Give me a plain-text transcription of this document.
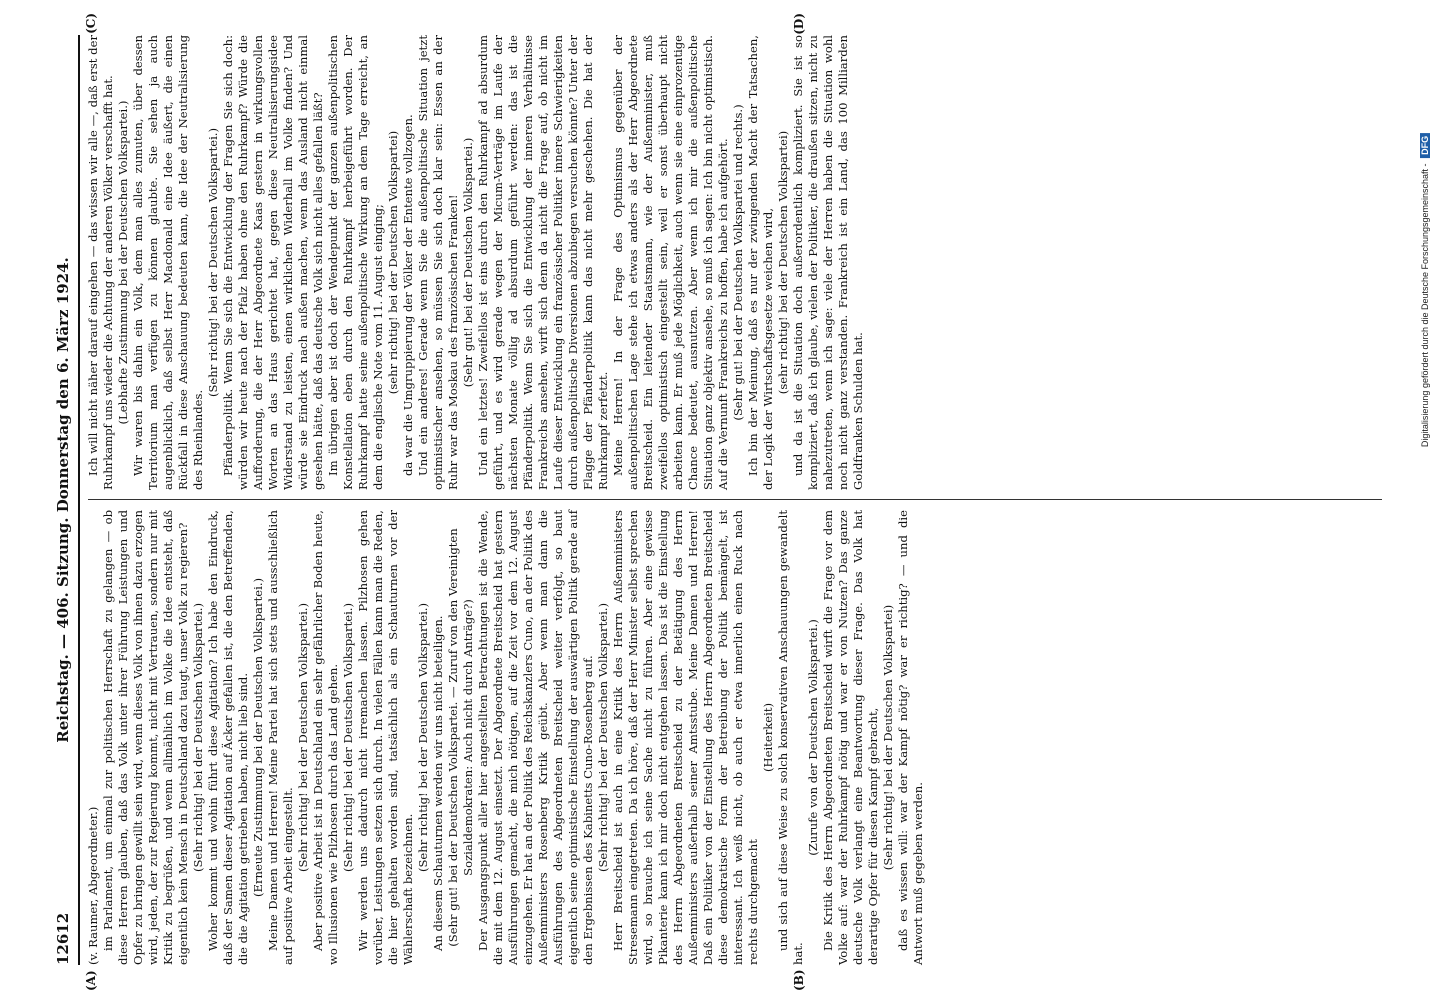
12612
Reichstag. — 406. Sitzung. Donnerstag den 6. März 1924.

(v. Raumer, Abgeordneter.) im Parlament, um einmal zur politischen Herrschaft zu gelangen — ob diese Herren glauben, daß das Volk unter ihrer Führung Leistungen und Opfer zu bringen gewillt sein wird, wenn dieses Volk von ihnen dazu erzogen wird, jeden, der zur Regierung kommt, nicht mit Vertrauen, sondern nur mit Kritik zu begrüßen, und wenn allmählich im Volke die Idee entsteht, daß eigentlich kein Mensch in Deutschland dazu taugt, unser Volk zu regieren? (Sehr richtig! bei der Deutschen Volkspartei.) Woher kommt und wohin führt diese Agitation? Ich habe den Eindruck, daß der Samen dieser Agitation auf Äcker gefallen ist, die den Betreffenden, die die Agitation getrieben haben, nicht lieb sind. (Erneute Zustimmung bei der Deutschen Volkspartei.) Meine Damen und Herren! Meine Partei hat sich stets und ausschließlich auf positive Arbeit eingestellt.

(Sehr richtig! bei der Deutschen Volkspartei.) Aber positive Arbeit ist in Deutschland ein sehr gefährlicher Boden heute, wo Illusionen wie Pilzhosen durch das Land gehen. (Sehr richtig! bei der Deutschen Volkspartei.) Wir werden uns dadurch nicht irremachen lassen. Pilzhosen gehen vorüber, Leistungen setzen sich durch. In vielen Fällen kann man die Reden, die hier gehalten worden sind, tatsächlich als ein Schauturnen vor der Wählerschaft bezeichnen.

(Sehr richtig! bei der Deutschen Volkspartei.) An diesem Schauturnen werden wir uns nicht beteiligen. (Sehr gut! bei der Deutschen Volkspartei. — Zuruf von den Vereinigten Sozialdemokraten: Auch nicht durch Anträge?) Der Ausgangspunkt aller hier angestellten Betrachtungen ist die Wende, die mit dem 12. August einsetzt. Der Abgeordnete Breitscheid hat gestern Ausführungen gemacht, die mich nötigen, auf die Zeit vor dem 12. August einzugehen. Er hat an der Politik des Reichskanzlers Cuno, an der Politik des Außenministers Rosenberg Kritik geübt. Aber wenn man dann die Ausführungen des Abgeordneten Breitscheid weiter verfolgt, so baut eigentlich seine optimistische Einstellung der auswärtigen Politik gerade auf den Ergebnissen des Kabinetts Cuno-Rosenberg auf. (Sehr richtig! bei der Deutschen Volkspartei.) Herr Breitscheid ist auch in eine Kritik des Herrn Außenministers Stresemann eingetreten. Da ich höre, daß der Herr Minister selbst sprechen wird, so brauche ich seine Sache nicht zu führen. Aber eine gewisse Pikanterie kann ich mir doch nicht entgehen lassen. Das ist die Einstellung des Herrn Abgeordneten Breitscheid zu der Betätigung des Herrn Außenministers außerhalb seiner Amtsstube. Meine Damen und Herren! Daß ein Politiker von der Einstellung des Herrn Abgeordneten Breitscheid diese demokratische Form der Betreibung der Politik bemängelt, ist interessant. Ich weiß nicht, ob auch er etwa innerlich einen Ruck nach rechts durchgemacht

(Heiterkeit) und sich auf diese Weise zu solch konservativen Anschauungen gewandelt hat.

(Zurufe von der Deutschen Volkspartei.) Die Kritik des Herrn Abgeordneten Breitscheid wirft die Frage vor dem Volke auf: war der Ruhrkampf nötig und war er von Nutzen? Das ganze deutsche Volk verlangt eine Beantwortung dieser Frage. Das Volk hat derartige Opfer für diesen Kampf gebracht, (Sehr richtig! bei der Deutschen Volkspartei) daß es wissen will: war der Kampf nötig? war er richtig? — und die Antwort muß gegeben werden.

Ich will nicht näher darauf eingehen — das wissen wir alle —, daß erst der Ruhrkampf uns wieder die Achtung der anderen Völker verschafft hat. (Lebhafte Zustimmung bei der Deutschen Volkspartei.) Wir waren bis dahin ein Volk, dem man alles zumuten, über dessen Territorium man verfügen zu können glaubte. Sie sehen ja auch augenblicklich, daß selbst Herr Macdonald eine Idee äußert, die einen Rückfall in diese Anschauung bedeuten kann, die Idee der Neutralisierung des Rheinlandes.

(Sehr richtig! bei der Deutschen Volkspartei.) Pfänderpolitik. Wenn Sie sich die Entwicklung der Fragen Sie sich doch: würden wir heute nach der Pfalz haben ohne den Ruhrkampf? Würde die Aufforderung, die der Herr Abgeordnete Kaas gestern in wirkungsvollen Worten an das Haus gerichtet hat, gegen diese Neutralisierungsidee Widerstand zu leisten, einen wirklichen Widerhall im Volke finden? Und würde sie Eindruck nach außen machen, wenn das Ausland nicht einmal gesehen hätte, daß das deutsche Volk sich nicht alles gefallen läßt? Im übrigen aber ist doch der Wendepunkt der ganzen außenpolitischen Konstellation eben durch den Ruhrkampf herbeigeführt worden. Der Ruhrkampf hatte seine außenpolitische Wirkung an dem Tage erreicht, an dem die englische Note vom 11. August einging; (sehr richtig! bei der Deutschen Volkspartei) da war die Umgruppierung der Völker der Entente vollzogen. Und ein anderes! Gerade wenn Sie die außenpolitische Situation jetzt optimistischer ansehen, so müssen Sie sich doch klar sein: Essen an der Ruhr war das Moskau des französischen Franken! (Sehr gut! bei der Deutschen Volkspartei.) Und ein letztes! Zweifellos ist eins durch den Ruhrkampf ad absurdum geführt, und es wird gerade wegen der Micum-Verträge im Laufe der nächsten Monate völlig ad absurdum geführt werden: das ist die Pfänderpolitik. Wenn Sie sich die Entwicklung der inneren Verhältnisse Frankreichs ansehen, wirft sich denn da nicht die Frage auf, ob nicht im Laufe dieser Entwicklung ein französischer Politiker innere Schwierigkeiten durch außenpolitische Diversionen abzubiegen versuchen könnte? Unter der Flagge der Pfänderpolitik kann das nicht mehr geschehen. Die hat der Ruhrkampf zerfetzt. Meine Herren! In der Frage des Optimismus gegenüber der außenpolitischen Lage stehe ich etwas anders als der Herr Abgeordnete Breitscheid. Ein leitender Staatsmann, wie der Außenminister, muß zweifellos optimistisch eingestellt sein, weil er sonst überhaupt nicht arbeiten kann. Er muß jede Möglichkeit, auch wenn sie eine einprozentige Chance bedeutet, ausnutzen. Aber wenn ich mir die außenpolitische Situation ganz objektiv ansehe, so muß ich sagen: Ich bin nicht optimistisch. Auf die Vernunft Frankreichs zu hoffen, habe ich aufgehört. (Sehr gut! bei der Deutschen Volkspartei und rechts.) Ich bin der Meinung, daß es nur der zwingenden Macht der Tatsachen, der Logik der Wirtschaftsgesetze weichen wird, (sehr richtig! bei der Deutschen Volkspartei) und da ist die Situation doch außerordentlich kompliziert. Sie ist so kompliziert, daß ich glaube, vielen der Politiker, die draußen sitzen, nicht zu nahezutreten, wenn ich sage: viele der Herren haben die Situation wohl noch nicht ganz verstanden. Frankreich ist ein Land, das 100 Milliarden Goldfranken Schulden hat.

(A)	(B)
(C)	(D)
Digitalisierung gefördert durch die Deutsche Forschungsgemeinschaft - DFG
